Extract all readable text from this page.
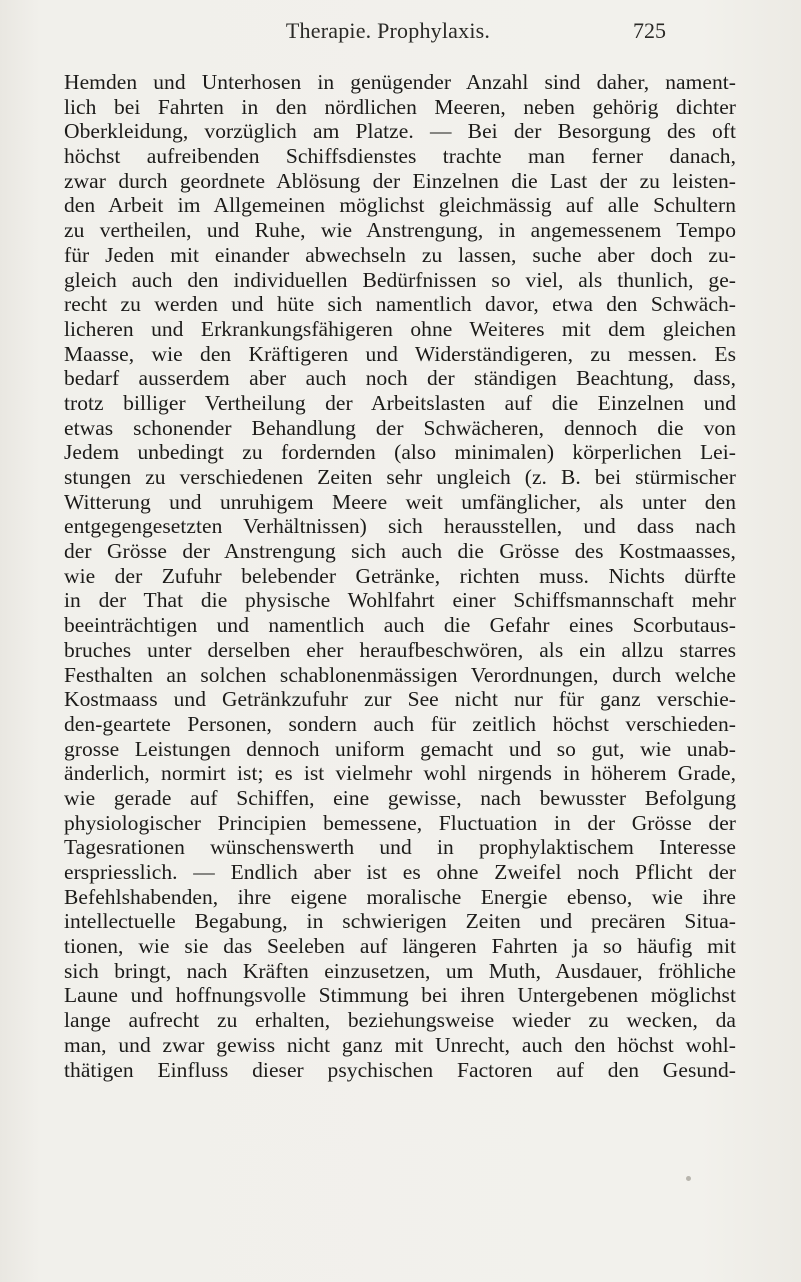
Therapie. Prophylaxis.	725
Hemden und Unterhosen in genügender Anzahl sind daher, nament-
lich bei Fahrten in den nördlichen Meeren, neben gehörig dichter
Oberkleidung, vorzüglich am Platze. — Bei der Besorgung des oft
höchst aufreibenden Schiffsdienstes trachte man ferner danach,
zwar durch geordnete Ablösung der Einzelnen die Last der zu leisten-
den Arbeit im Allgemeinen möglichst gleichmässig auf alle Schultern
zu vertheilen, und Ruhe, wie Anstrengung, in angemessenem Tempo
für Jeden mit einander abwechseln zu lassen, suche aber doch zu-
gleich auch den individuellen Bedürfnissen so viel, als thunlich, ge-
recht zu werden und hüte sich namentlich davor, etwa den Schwäch-
licheren und Erkrankungsfähigeren ohne Weiteres mit dem gleichen
Maasse, wie den Kräftigeren und Widerständigeren, zu messen. Es
bedarf ausserdem aber auch noch der ständigen Beachtung, dass,
trotz billiger Vertheilung der Arbeitslasten auf die Einzelnen und
etwas schonender Behandlung der Schwächeren, dennoch die von
Jedem unbedingt zu fordernden (also minimalen) körperlichen Lei-
stungen zu verschiedenen Zeiten sehr ungleich (z. B. bei stürmischer
Witterung und unruhigem Meere weit umfänglicher, als unter den
entgegengesetzten Verhältnissen) sich herausstellen, und dass nach
der Grösse der Anstrengung sich auch die Grösse des Kostmaasses,
wie der Zufuhr belebender Getränke, richten muss. Nichts dürfte
in der That die physische Wohlfahrt einer Schiffsmannschaft mehr
beeinträchtigen und namentlich auch die Gefahr eines Scorbutaus-
bruches unter derselben eher heraufbeschwören, als ein allzu starres
Festhalten an solchen schablonenmässigen Verordnungen, durch welche
Kostmaass und Getränkzufuhr zur See nicht nur für ganz verschie-
den-geartete Personen, sondern auch für zeitlich höchst verschieden-
grosse Leistungen dennoch uniform gemacht und so gut, wie unab-
änderlich, normirt ist; es ist vielmehr wohl nirgends in höherem Grade,
wie gerade auf Schiffen, eine gewisse, nach bewusster Befolgung
physiologischer Principien bemessene, Fluctuation in der Grösse der
Tagesrationen wünschenswerth und in prophylaktischem Interesse
erspriesslich. — Endlich aber ist es ohne Zweifel noch Pflicht der
Befehlshabenden, ihre eigene moralische Energie ebenso, wie ihre
intellectuelle Begabung, in schwierigen Zeiten und precären Situa-
tionen, wie sie das Seeleben auf längeren Fahrten ja so häufig mit
sich bringt, nach Kräften einzusetzen, um Muth, Ausdauer, fröhliche
Laune und hoffnungsvolle Stimmung bei ihren Untergebenen möglichst
lange aufrecht zu erhalten, beziehungsweise wieder zu wecken, da
man, und zwar gewiss nicht ganz mit Unrecht, auch den höchst wohl-
thätigen Einfluss dieser psychischen Factoren auf den Gesund-
